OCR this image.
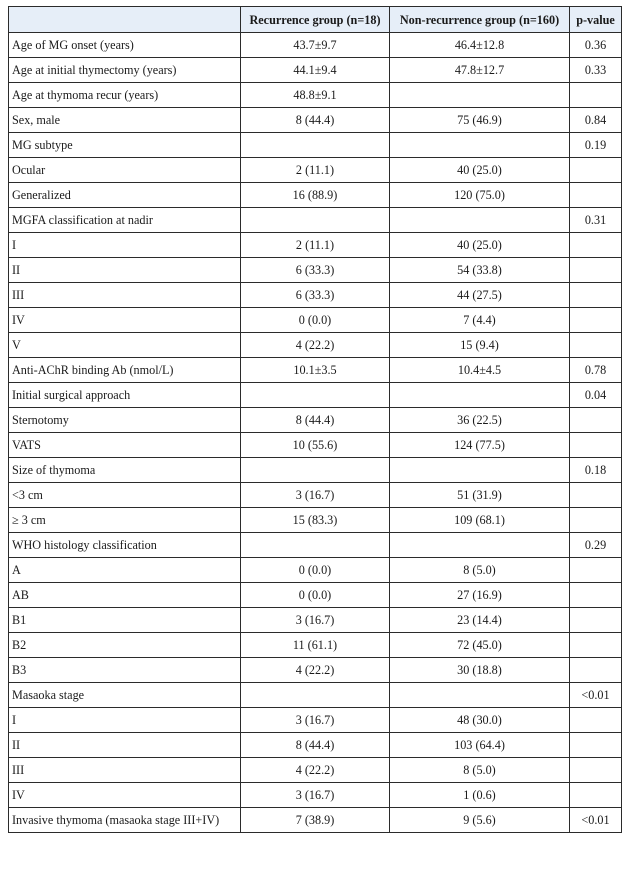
	Recurrence group (n=18)	Non-recurrence group (n=160)	p-value
Age of MG onset (years)	43.7±9.7	46.4±12.8	0.36
Age at initial thymectomy (years)	44.1±9.4	47.8±12.7	0.33
Age at thymoma recur (years)	48.8±9.1		
Sex, male	8 (44.4)	75 (46.9)	0.84
MG subtype			0.19
Ocular	2 (11.1)	40 (25.0)	
Generalized	16 (88.9)	120 (75.0)	
MGFA classification at nadir			0.31
I	2 (11.1)	40 (25.0)	
II	6 (33.3)	54 (33.8)	
III	6 (33.3)	44 (27.5)	
IV	0 (0.0)	7 (4.4)	
V	4 (22.2)	15 (9.4)	
Anti-AChR binding Ab (nmol/L)	10.1±3.5	10.4±4.5	0.78
Initial surgical approach			0.04
Sternotomy	8 (44.4)	36 (22.5)	
VATS	10 (55.6)	124 (77.5)	
Size of thymoma			0.18
<3 cm	3 (16.7)	51 (31.9)	
≥ 3 cm	15 (83.3)	109 (68.1)	
WHO histology classification			0.29
A	0 (0.0)	8 (5.0)	
AB	0 (0.0)	27 (16.9)	
B1	3 (16.7)	23 (14.4)	
B2	11 (61.1)	72 (45.0)	
B3	4 (22.2)	30 (18.8)	
Masaoka stage			<0.01
I	3 (16.7)	48 (30.0)	
II	8 (44.4)	103 (64.4)	
III	4 (22.2)	8 (5.0)	
IV	3 (16.7)	1 (0.6)	
Invasive thymoma (masaoka stage III+IV)	7 (38.9)	9 (5.6)	<0.01
